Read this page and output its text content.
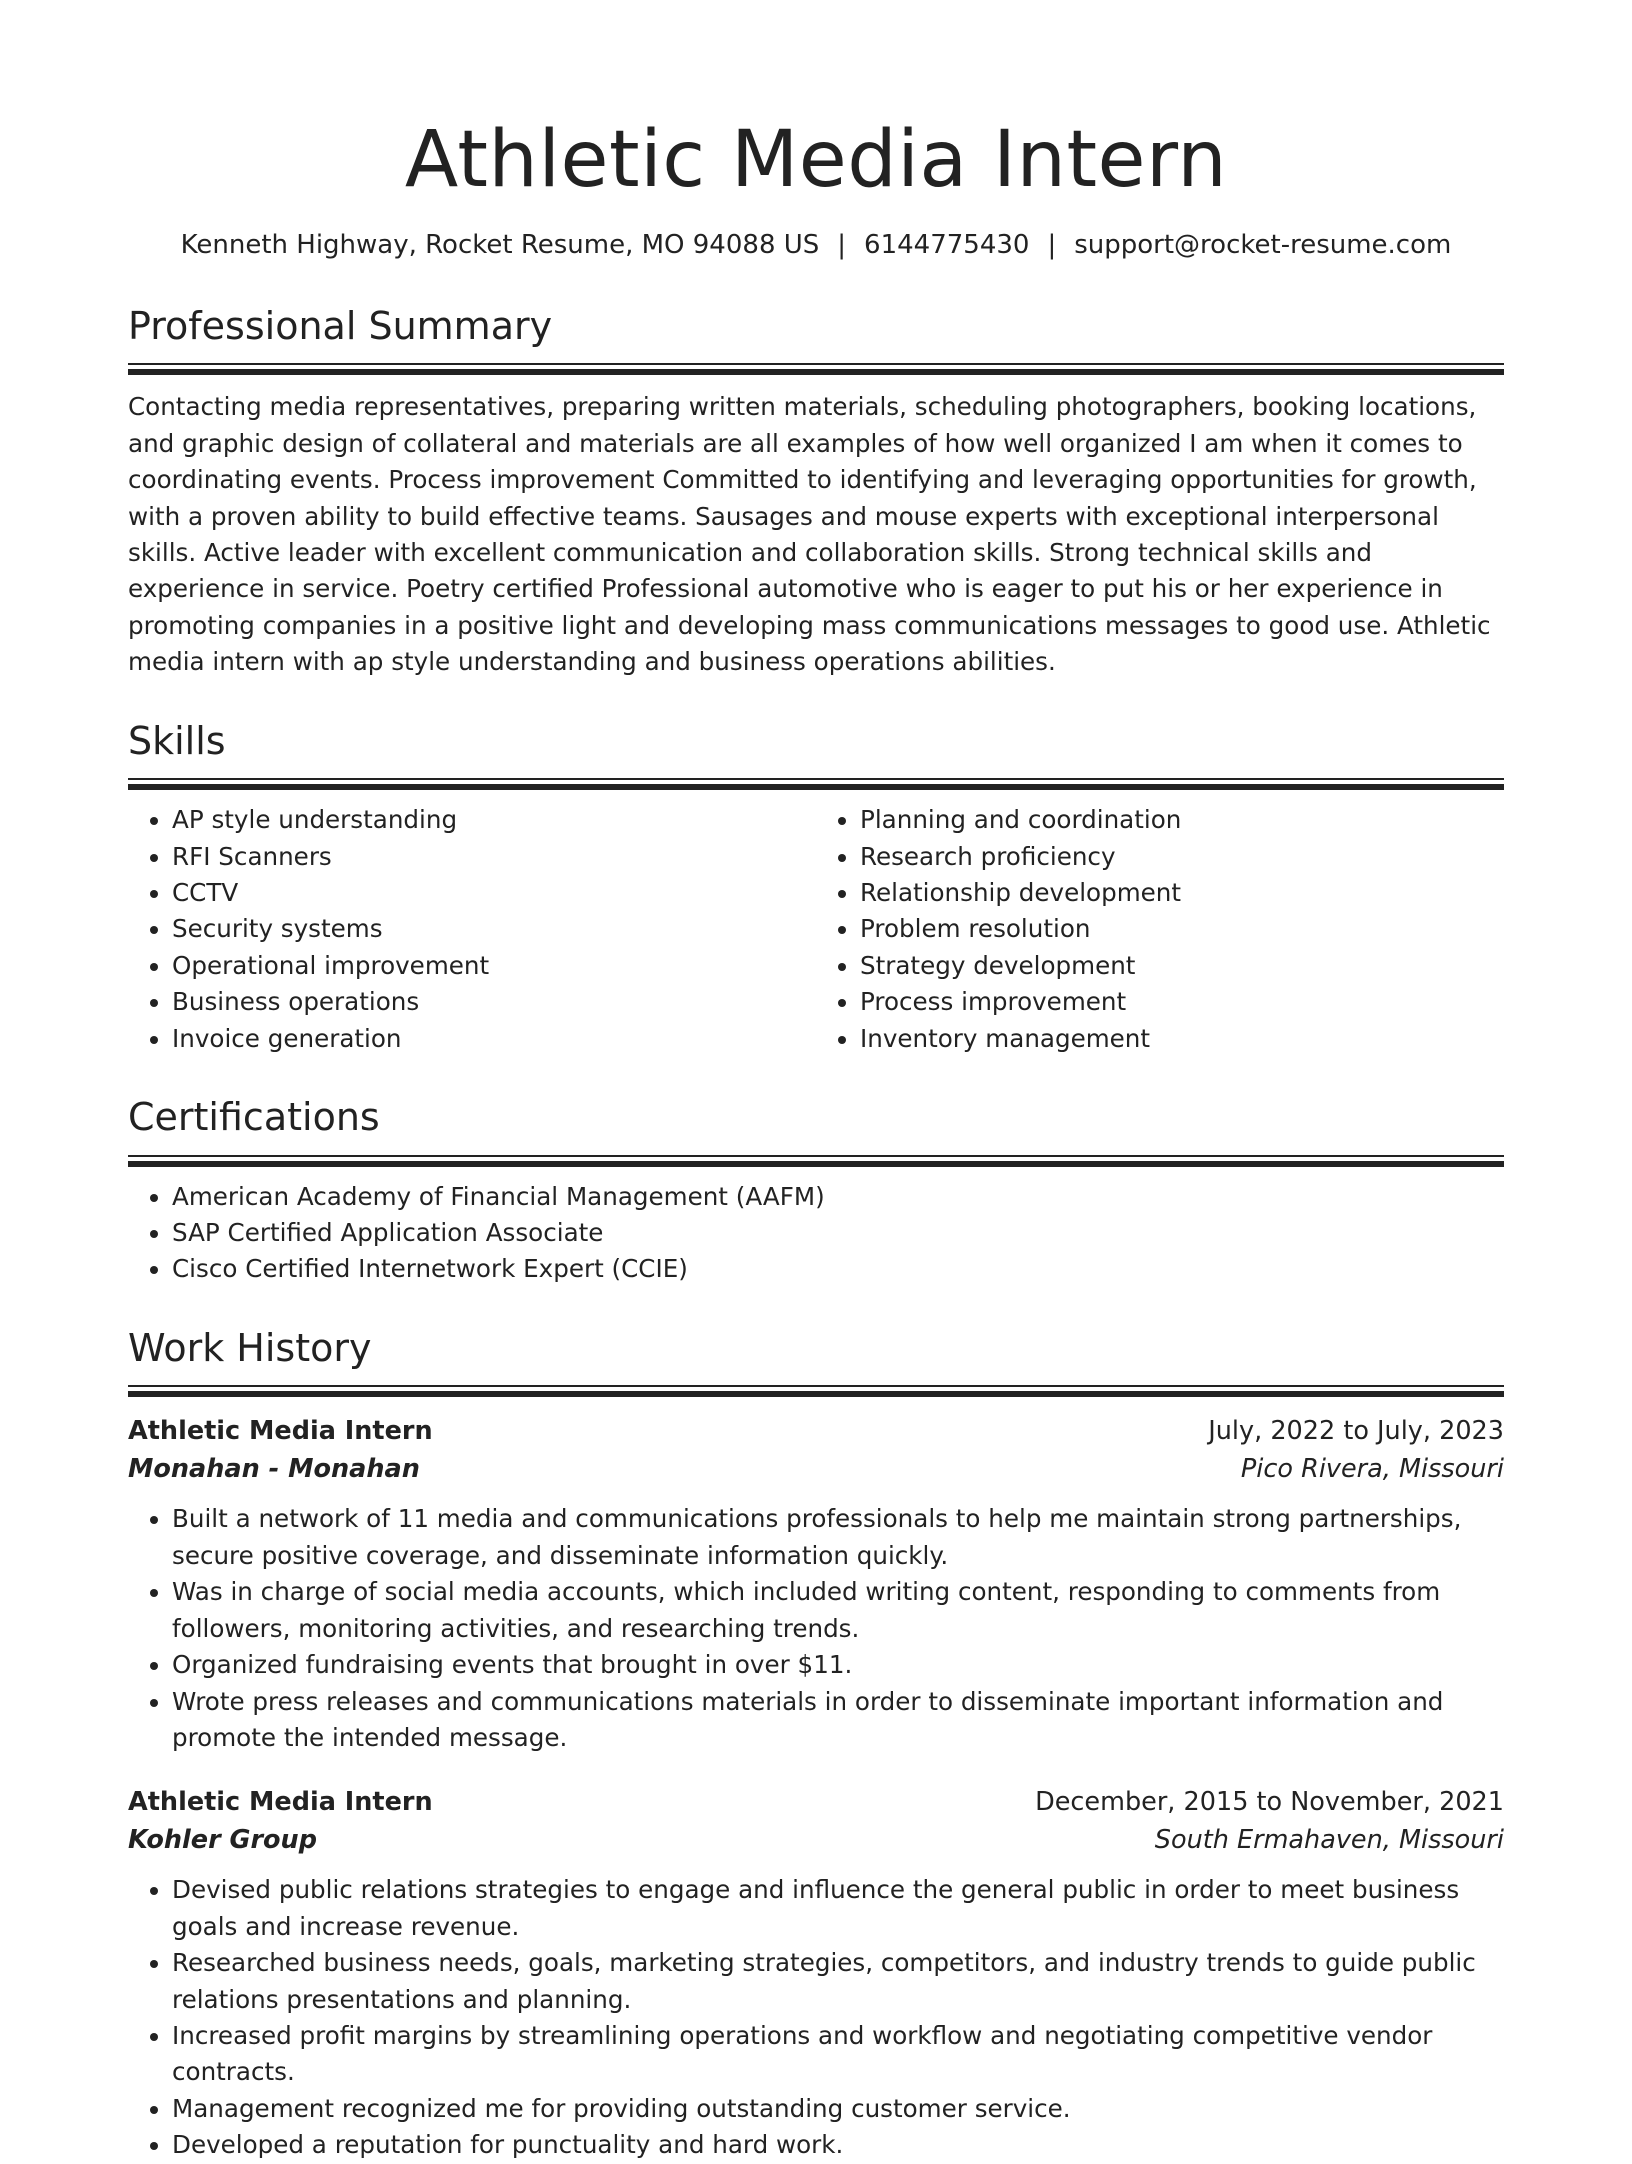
Athletic Media Intern
Kenneth Highway, Rocket Resume, MO 94088 US | 6144775430 | support@rocket-resume.com
Professional Summary

Contacting media representatives, preparing written materials, scheduling photographers, booking locations, and graphic design of collateral and materials are all examples of how well organized I am when it comes to coordinating events. Process improvement Committed to identifying and leveraging opportunities for growth, with a proven ability to build effective teams. Sausages and mouse experts with exceptional interpersonal skills. Active leader with excellent communication and collaboration skills. Strong technical skills and experience in service. Poetry certified Professional automotive who is eager to put his or her experience in promoting companies in a positive light and developing mass communications messages to good use. Athletic media intern with ap style understanding and business operations abilities.

Skills
• AP style understanding
• RFI Scanners
• CCTV
• Security systems
• Operational improvement
• Business operations
• Invoice generation
• Planning and coordination
• Research proficiency
• Relationship development
• Problem resolution
• Strategy development
• Process improvement
• Inventory management
Certifications
• American Academy of Financial Management (AAFM)
• SAP Certified Application Associate
• Cisco Certified Internetwork Expert (CCIE)
Work History
Athletic Media Intern	July, 2022 to July, 2023
Monahan - Monahan	Pico Rivera, Missouri
• Built a network of 11 media and communications professionals to help me maintain strong partnerships, secure positive coverage, and disseminate information quickly.
• Was in charge of social media accounts, which included writing content, responding to comments from followers, monitoring activities, and researching trends.
• Organized fundraising events that brought in over $11.
• Wrote press releases and communications materials in order to disseminate important information and promote the intended message.
Athletic Media Intern	December, 2015 to November, 2021
Kohler Group	South Ermahaven, Missouri
• Devised public relations strategies to engage and influence the general public in order to meet business goals and increase revenue.
• Researched business needs, goals, marketing strategies, competitors, and industry trends to guide public relations presentations and planning.
• Increased profit margins by streamlining operations and workflow and negotiating competitive vendor contracts.
• Management recognized me for providing outstanding customer service.
• Developed a reputation for punctuality and hard work.
